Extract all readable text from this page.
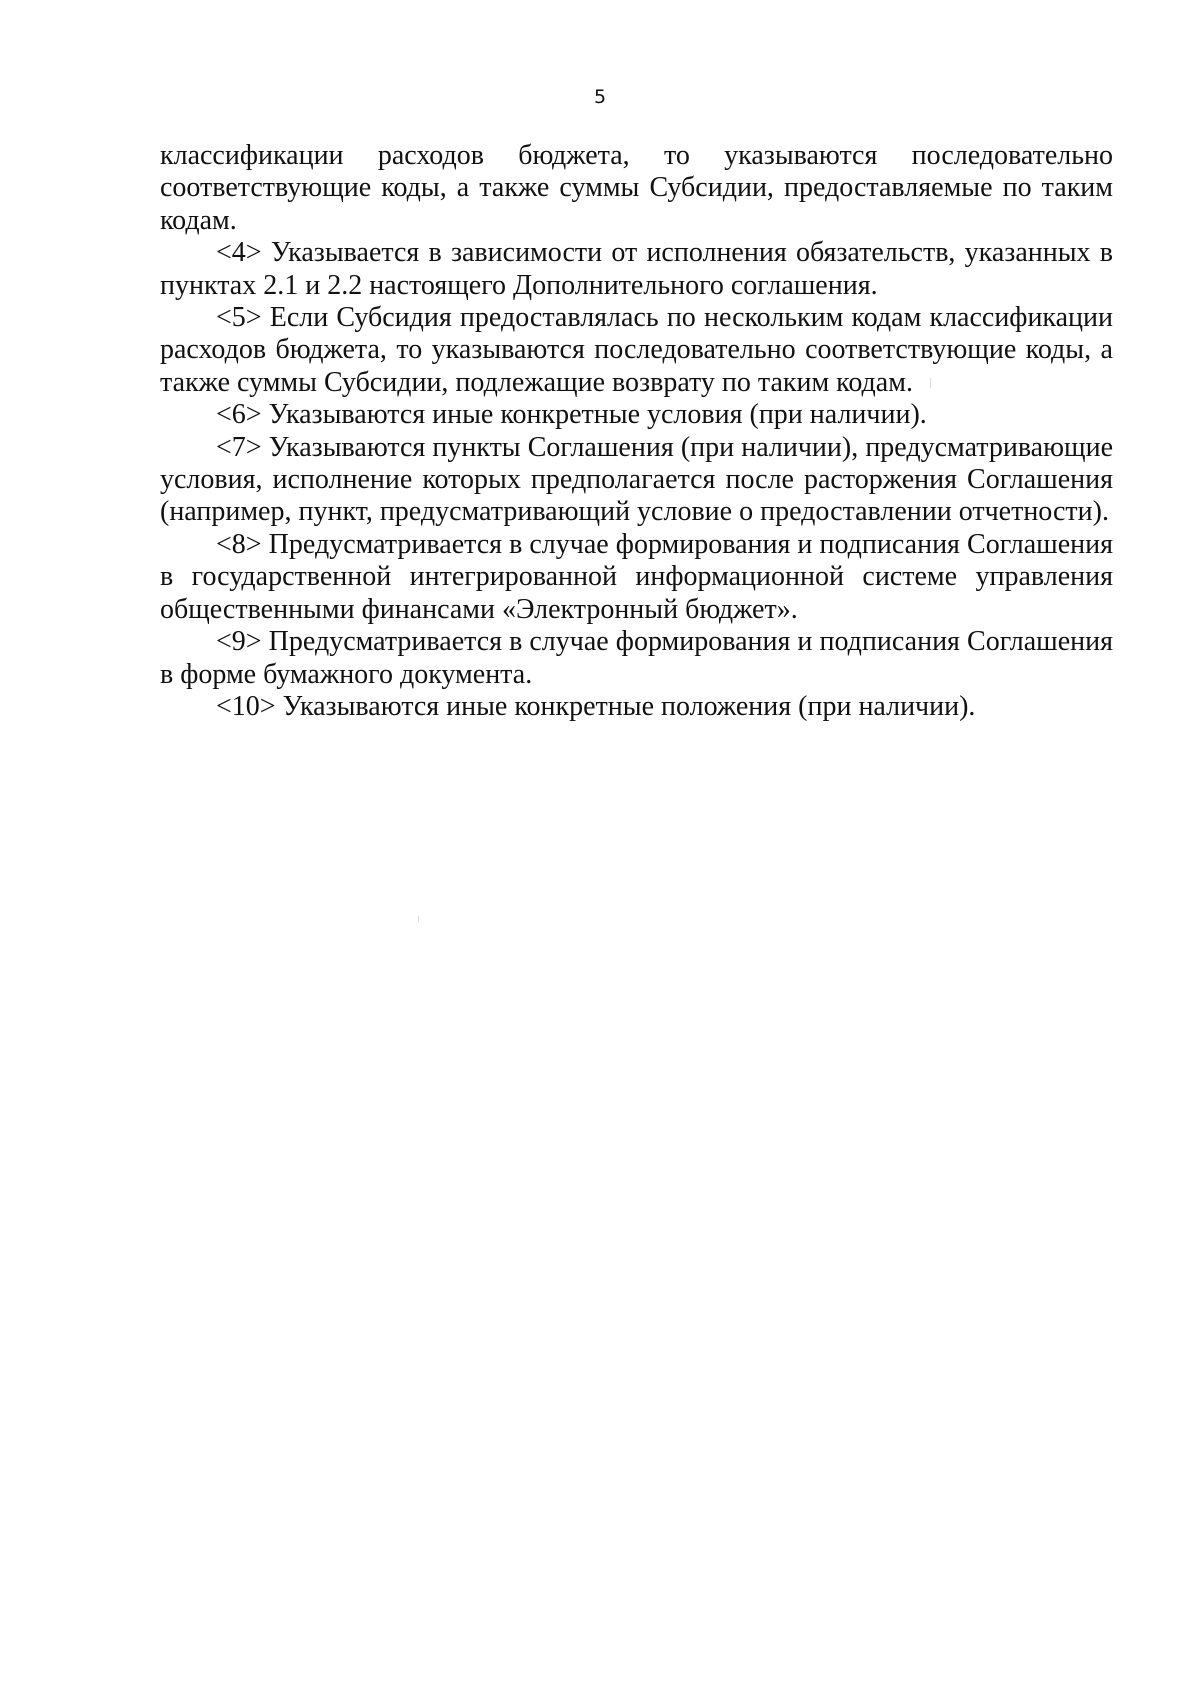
5

классификации расходов бюджета, то указываются последовательно соответствующие коды, а также суммы Субсидии, предоставляемые по таким кодам.

<4> Указывается в зависимости от исполнения обязательств, указанных в пунктах 2.1 и 2.2 настоящего Дополнительного соглашения.

<5> Если Субсидия предоставлялась по нескольким кодам классификации расходов бюджета, то указываются последовательно соответствующие коды, а также суммы Субсидии, подлежащие возврату по таким кодам.

<6> Указываются иные конкретные условия (при наличии).

<7> Указываются пункты Соглашения (при наличии), предусматривающие условия, исполнение которых предполагается после расторжения Соглашения (например, пункт, предусматривающий условие о предоставлении отчетности).

<8> Предусматривается в случае формирования и подписания Соглашения в государственной интегрированной информационной системе управления общественными финансами «Электронный бюджет».

<9> Предусматривается в случае формирования и подписания Соглашения в форме бумажного документа.

<10> Указываются иные конкретные положения (при наличии).
